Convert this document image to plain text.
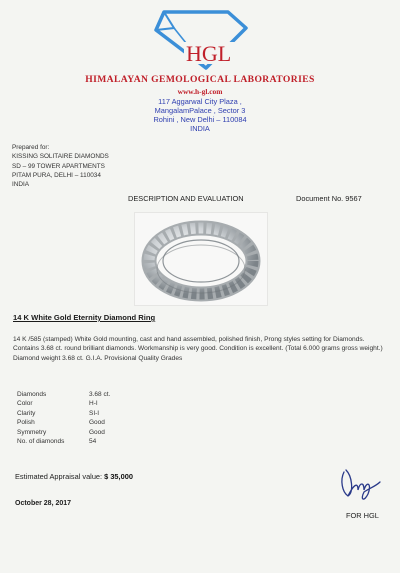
HGL
HIMALAYAN GEMOLOGICAL LABORATORIES
www.h-gl.com
117 Aggarwal City Plaza ,
MangalamPalace , Sector 3
Rohini , New Delhi – 110084
INDIA
Prepared for:
KISSING SOLITAIRE DIAMONDS
SD – 99 TOWER APARTMENTS
PITAM PURA, DELHI – 110034
INDIA
DESCRIPTION AND EVALUATION	Document No. 9567
14 K White Gold Eternity Diamond Ring
14 K /585 (stamped) White Gold mounting, cast and hand assembled, polished finish, Prong styles setting for Diamonds. Contains 3.68 ct. round brilliant diamonds. Workmanship is very good. Condition is excellent. (Total 6.000 grams gross weight.)
Diamond weight 3.68 ct. G.I.A. Provisional Quality Grades
Diamonds	3.68 ct.
Color	H-I
Clarity	SI-I
Polish	Good
Symmetry	Good
No. of diamonds	54
Estimated Appraisal value: $ 35,000
October 28, 2017
FOR HGL
